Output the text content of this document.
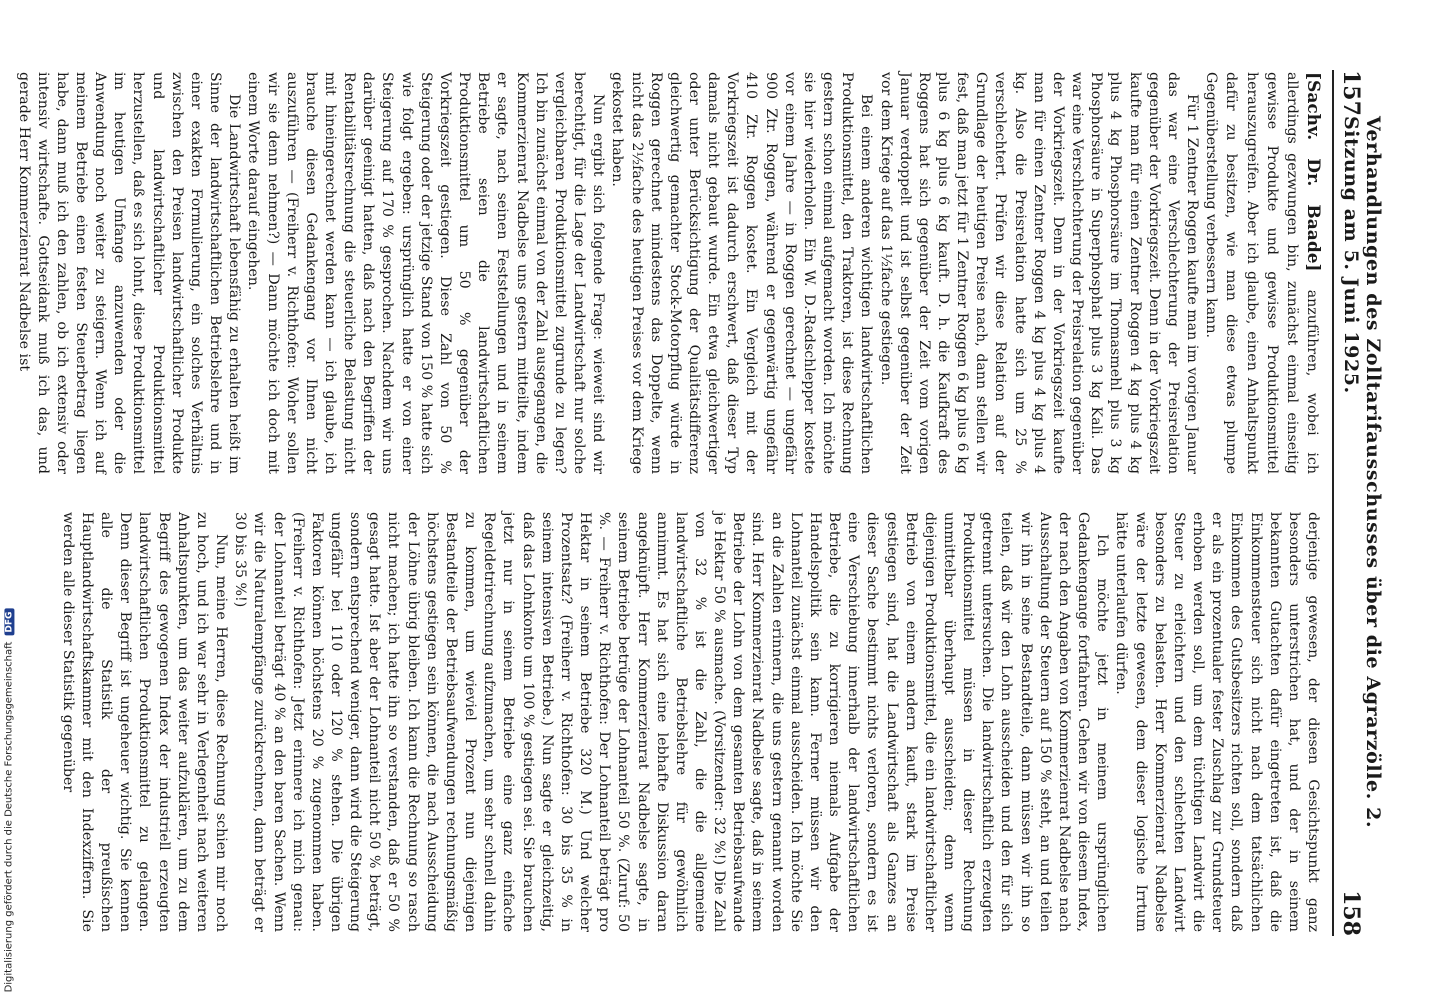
157
Verhandlungen des Zolltarifausschusses über die Agrarzölle. 2. Sitzung am 5. Juni 1925.
158

[Sachv. Dr. Baade] anzuführen, wobei ich allerdings gezwungen bin, zunächst einmal einseitig gewisse Produkte und gewisse Produktionsmittel herauszugreifen. Aber ich glaube, einen Anhaltspunkt dafür zu besitzen, wie man diese etwas plumpe Gegenüberstellung verbessern kann.

Für 1 Zentner Roggen kaufte man im vorigen Januar das war eine Verschlechterung der Preisrelation gegenüber der Vorkriegszeit. Denn in der Vorkriegszeit kaufte man für einen Zentner Roggen 4 kg plus 4 kg plus 4 kg Phosphorsäure im Thomasmehl plus 3 kg Phosphorsäure in Superphosphat plus 3 kg Kali. Das war eine Verschlechterung der Preisrelation gegenüber der Vorkriegszeit. Denn in der Vorkriegszeit kaufte man für einen Zentner Roggen 4 kg plus 4 kg plus 4 kg. Also die Preisrelation hatte sich um 25 % verschlechtert. Prüfen wir diese Relation auf der Grundlage der heutigen Preise nach, dann stellen wir fest, daß man jetzt für 1 Zentner Roggen 6 kg plus 6 kg plus 6 kg plus 6 kg kauft. D. h. die Kaufkraft des Roggens hat sich gegenüber der Zeit vom vorigen Januar verdoppelt und ist selbst gegenüber der Zeit vor dem Kriege auf das 1½fache gestiegen.

Bei einem anderen wichtigen landwirtschaftlichen Produktionsmittel, den Traktoren, ist diese Rechnung gestern schon einmal aufgemacht worden. Ich möchte sie hier wiederholen. Ein W. D.-Radschlepper kostete vor einem Jahre — in Roggen gerechnet — ungefähr 900 Ztr. Roggen, während er gegenwärtig ungefähr 410 Ztr. Roggen kostet. Ein Vergleich mit der Vorkriegszeit ist dadurch erschwert, daß dieser Typ damals nicht gebaut wurde. Ein etwa gleichwertiger oder unter Berücksichtigung der Qualitätsdifferenz gleichwertig gemachter Stock-Motorpflug würde in Roggen gerechnet mindestens das Doppelte, wenn nicht das 2½fache des heutigen Preises vor dem Kriege gekostet haben.

Nun ergibt sich folgende Frage: wieweit sind wir berechtigt, für die Lage der Landwirtschaft nur solche vergleichbaren Produktionsmittel zugrunde zu legen? Ich bin zunächst einmal von der Zahl ausgegangen, die Kommerzienrat Nadbelse uns gestern mitteilte, indem er sagte, nach seinen Feststellungen und in seinem Betriebe seien die landwirtschaftlichen Produktionsmittel um 50 % gegenüber der Vorkriegszeit gestiegen. Diese Zahl von 50 % Steigerung oder der jetzige Stand von 150 % hatte sich wie folgt ergeben: ursprünglich hatte er von einer Steigerung auf 170 % gesprochen. Nachdem wir uns darüber geeinigt hatten, daß nach den Begriffen der Rentabilitätsrechnung die steuerliche Belastung nicht mit hineingerechnet werden kann — ich glaube, ich brauche diesen Gedankengang vor Ihnen nicht auszuführen — (Freiherr v. Richthofen: Woher sollen wir sie denn nehmen?) — Dann möchte ich doch mit einem Worte darauf eingehen.

Die Landwirtschaft lebensfähig zu erhalten heißt im Sinne der landwirtschaftlichen Betriebslehre und in einer exakten Formulierung, ein solches Verhältnis zwischen den Preisen landwirtschaftlicher Produkte und landwirtschaftlicher Produktionsmittel herzustellen, daß es sich lohnt, diese Produktionsmittel im heutigen Umfange anzuwenden oder die Anwendung noch weiter zu steigern. Wenn ich auf meinem Betriebe einen festen Steuerbetrag liegen habe, dann muß ich den zahlen, ob ich extensiv oder intensiv wirtschafte. Gottseidank muß ich das, und gerade Herr Kommerzienrat Nadbelse ist

derjenige gewesen, der diesen Gesichtspunkt ganz besonders unterstrichen hat, und der in seinem bekannten Gutachten dafür eingetreten ist, daß die Einkommensteuer sich nicht nach dem tatsächlichen Einkommen des Gutsbesitzers richten soll, sondern daß er als ein prozentualer fester Zuschlag zur Grundsteuer erhoben werden soll, um dem tüchtigen Landwirt die Steuer zu erleichtern und den schlechten Landwirt besonders zu belasten. Herr Kommerzienrat Nadbelse wäre der letzte gewesen, dem dieser logische Irrtum hätte unterlaufen dürfen.

Ich möchte jetzt in meinem ursprünglichen Gedankengange fortfahren. Gehen wir von diesem Index, der nach den Angaben von Kommerzienrat Nadbelse nach Ausschaltung der Steuern auf 150 % steht, an und teilen wir ihn in seine Bestandteile, dann müssen wir ihn so teilen, daß wir den Lohn ausscheiden und den für sich getrennt untersuchen. Die landwirtschaftlich erzeugten Produktionsmittel müssen in dieser Rechnung unmittelbar überhaupt ausscheiden; denn wenn diejenigen Produktionsmittel, die ein landwirtschaftlicher Betrieb von einem andern kauft, stark im Preise gestiegen sind, hat die Landwirtschaft als Ganzes an dieser Sache bestimmt nichts verloren, sondern es ist eine Verschiebung innerhalb der landwirtschaftlichen Betriebe, die zu korrigieren niemals Aufgabe der Handelspolitik sein kann. Ferner müssen wir den Lohnanteil zunächst einmal ausscheiden. Ich möchte Sie an die Zahlen erinnern, die uns gestern genannt worden sind. Herr Kommerzienrat Nadbelse sagte, daß in seinem Betriebe der Lohn von dem gesamten Betriebsaufwande je Hektar 50 % ausmache. (Vorsitzender: 32 %!) Die Zahl von 32 % ist die Zahl, die die allgemeine landwirtschaftliche Betriebslehre für gewöhnlich annimmt. Es hat sich eine lebhafte Diskussion daran angeknüpft. Herr Kommerzienrat Nadbelse sagte, in seinem Betriebe betrüge der Lohnanteil 50 %. (Zuruf: 50 %. — Freiherr v. Richthofen: Der Lohnanteil beträgt pro Hektar in seinem Betriebe 320 M.) Und welcher Prozentsatz? (Freiherr v. Richthofen: 30 bis 35 % in seinem intensiven Betriebe.) Nun sagte er gleichzeitig, daß das Lohnkonto um 100 % gestiegen sei. Sie brauchen jetzt nur in seinem Betriebe eine ganz einfache Regeldetrirechnung aufzumachen, um sehr schnell dahin zu kommen, um wieviel Prozent nun diejenigen Bestandteile der Betriebsaufwendungen rechnungsmäßig höchstens gestiegen sein können, die nach Ausscheidung der Löhne übrig bleiben. Ich kann die Rechnung so rasch nicht machen; ich hatte ihn so verstanden, daß er 50 % gesagt hatte. Ist aber der Lohnanteil nicht 50 % beträgt, sondern entsprechend weniger, dann wird die Steigerung ungefähr bei 110 oder 120 % stehen. Die übrigen Faktoren können höchstens 20 % zugenommen haben. (Freiherr v. Richthofen: Jetzt erinnere ich mich genau: der Lohnanteil beträgt 40 % an den baren Sachen. Wenn wir die Naturalempfänge zurückrechnen, dann beträgt er 30 bis 35 %!)

Nun, meine Herren, diese Rechnung schien mir noch zu hoch, und ich war sehr in Verlegenheit nach weiteren Anhaltspunkten, um das weiter aufzuklären, um zu dem Begriff des gewogenen Index der industriell erzeugten landwirtschaftlichen Produktionsmittel zu gelangen. Denn dieser Begriff ist ungeheuer wichtig. Sie kennen alle die Statistik der preußischen Hauptlandwirtschaftskammer mit den Indexziffern. Sie werden alle dieser Statistik gegenüber

Digitalisierung gefördert durch die Deutsche Forschungsgemeinschaft
DFG
